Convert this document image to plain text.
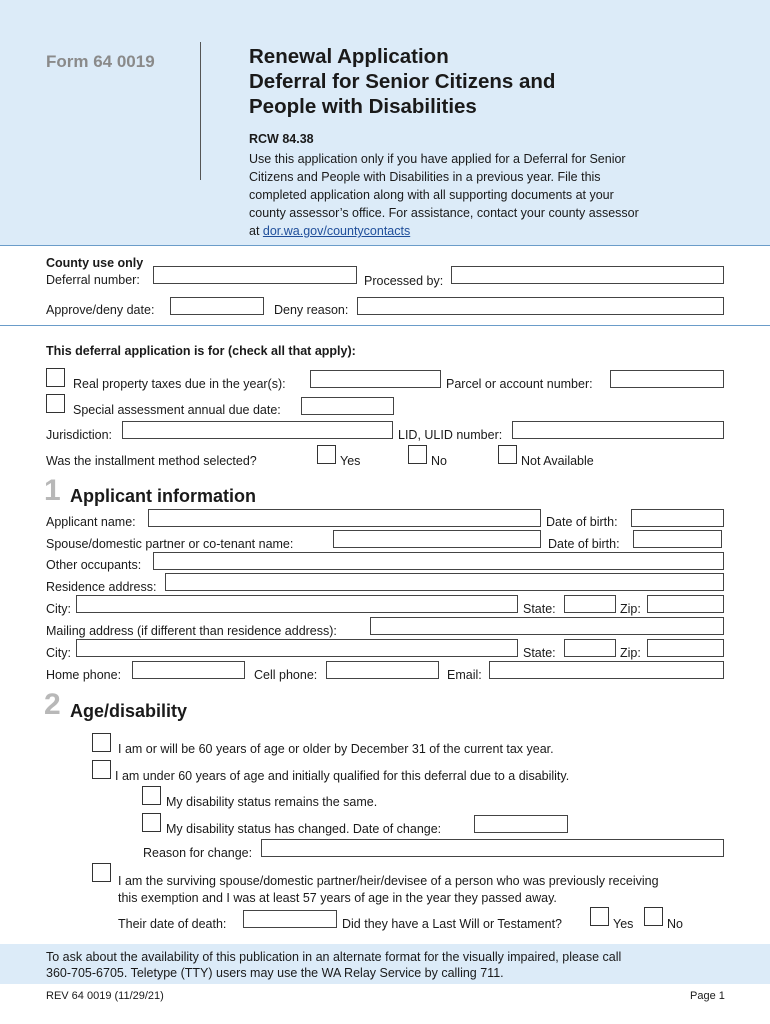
Form 64 0019	Renewal Application
Deferral for Senior Citizens and
People with Disabilities
RCW 84.38
Use this application only if you have applied for a Deferral for Senior
Citizens and People with Disabilities in a previous year. File this
completed application along with all supporting documents at your
county assessor’s office. For assistance, contact your county assessor
at dor.wa.gov/countycontacts
County use only
Deferral number:	Processed by:
Approve/deny date:	Deny reason:
This deferral application is for (check all that apply):
Real property taxes due in the year(s):	Parcel or account number:
Special assessment annual due date:
Jurisdiction:	LID, ULID number:
Was the installment method selected?	Yes	No	Not Available
1 Applicant information
Applicant name:	Date of birth:
Spouse/domestic partner or co-tenant name:	Date of birth:
Other occupants:
Residence address:
City:	State:	Zip:
Mailing address (if different than residence address):
City:	State:	Zip:
Home phone:	Cell phone:	Email:
2 Age/disability
I am or will be 60 years of age or older by December 31 of the current tax year.
I am under 60 years of age and initially qualified for this deferral due to a disability.
My disability status remains the same.
My disability status has changed. Date of change:
Reason for change:
I am the surviving spouse/domestic partner/heir/devisee of a person who was previously receiving
this exemption and I was at least 57 years of age in the year they passed away.
Their date of death:	Did they have a Last Will or Testament?	Yes	No
To ask about the availability of this publication in an alternate format for the visually impaired, please call
360-705-6705. Teletype (TTY) users may use the WA Relay Service by calling 711.
REV 64 0019 (11/29/21)	Page 1
